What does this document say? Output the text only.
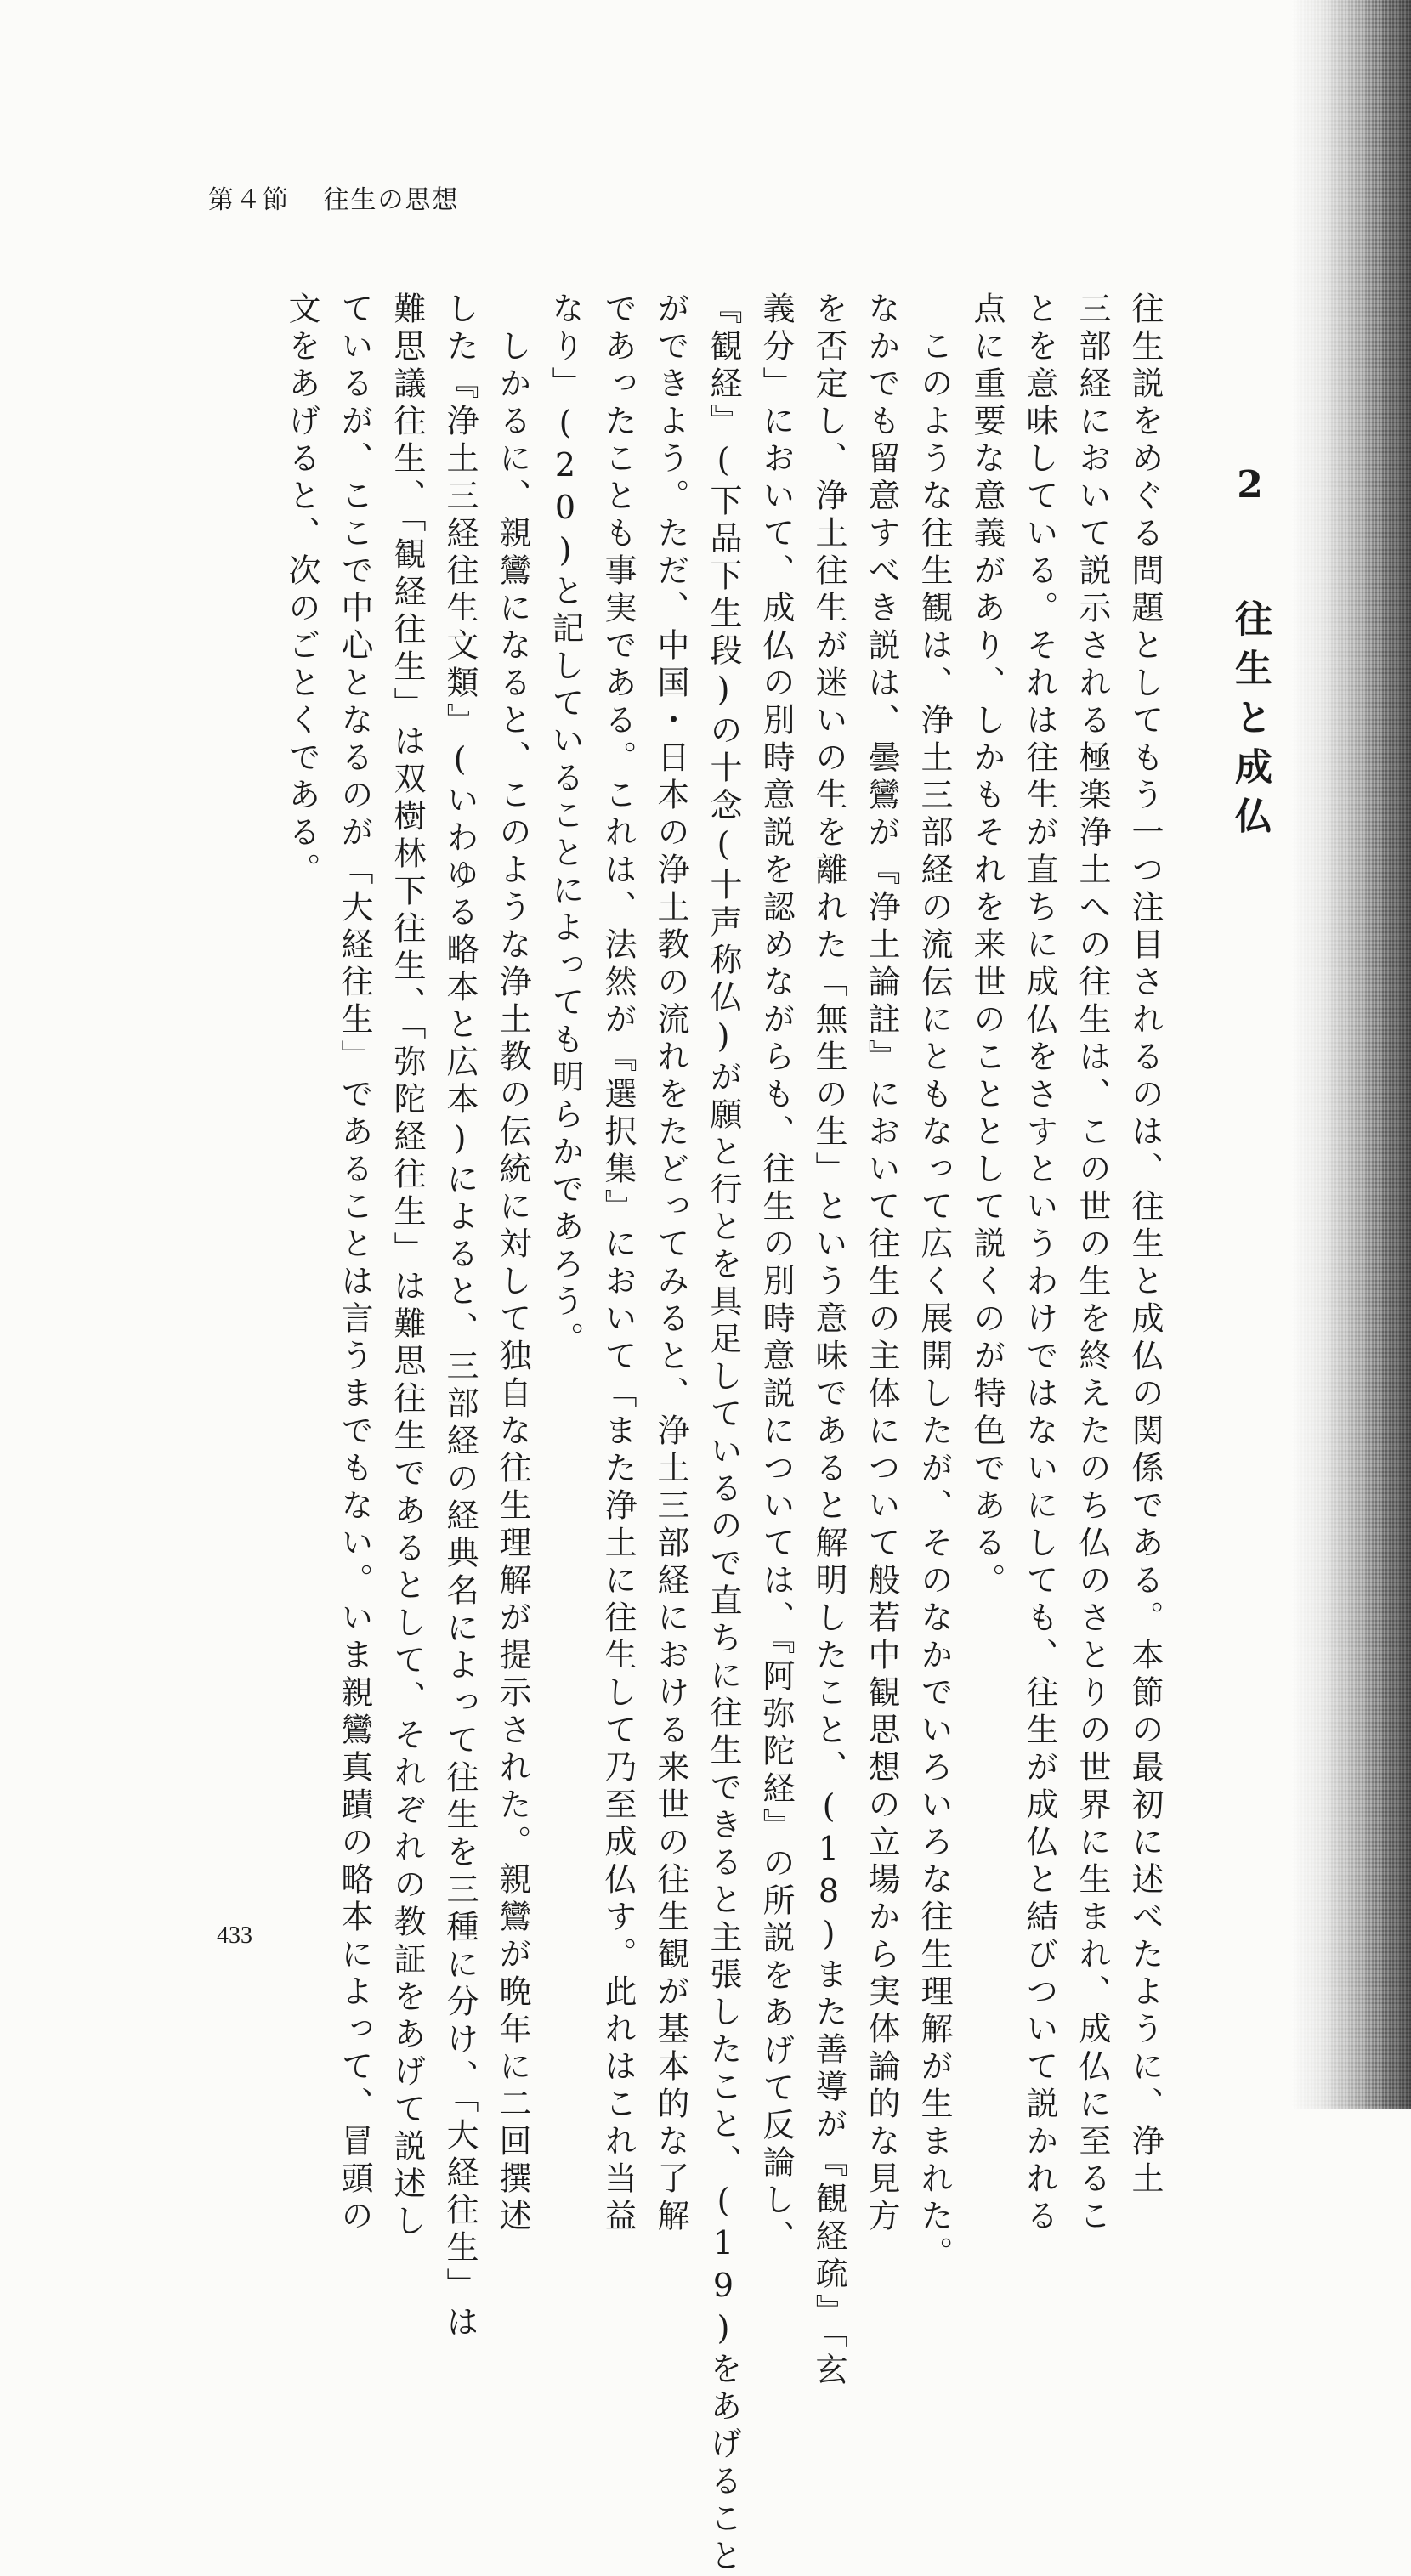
第４節 往生の思想
2 往生と成仏
往生説をめぐる問題としてもう一つ注目されるのは、往生と成仏の関係である。本節の最初に述べたように、浄土
三部経において説示される極楽浄土への往生は、この世の生を終えたのち仏のさとりの世界に生まれ、成仏に至るこ
とを意味している。それは往生が直ちに成仏をさすというわけではないにしても、往生が成仏と結びついて説かれる
点に重要な意義があり、しかもそれを来世のこととして説くのが特色である。
　このような往生観は、浄土三部経の流伝にともなって広く展開したが、そのなかでいろいろな往生理解が生まれた。
なかでも留意すべき説は、曇鸞が『浄土論註』において往生の主体について般若中観思想の立場から実体論的な見方
を否定し、浄土往生が迷いの生を離れた「無生の生」という意味であると解明したこと、(18)また善導が『観経疏』「玄
義分」において、成仏の別時意説を認めながらも、往生の別時意説については、『阿弥陀経』の所説をあげて反論し、
『観経』(下品下生段)の十念(十声称仏)が願と行とを具足しているので直ちに往生できると主張したこと、(19)をあげること
ができよう。ただ、中国・日本の浄土教の流れをたどってみると、浄土三部経における来世の往生観が基本的な了解
であったことも事実である。これは、法然が『選択集』において「また浄土に往生して乃至成仏す。此れはこれ当益
なり」(20)と記していることによっても明らかであろう。
　しかるに、親鸞になると、このような浄土教の伝統に対して独自な往生理解が提示された。親鸞が晩年に二回撰述
した『浄土三経往生文類』(いわゆる略本と広本)によると、三部経の経典名によって往生を三種に分け、「大経往生」は
難思議往生、「観経往生」は双樹林下往生、「弥陀経往生」は難思往生であるとして、それぞれの教証をあげて説述し
ているが、ここで中心となるのが「大経往生」であることは言うまでもない。いま親鸞真蹟の略本によって、冒頭の
文をあげると、次のごとくである。
433
